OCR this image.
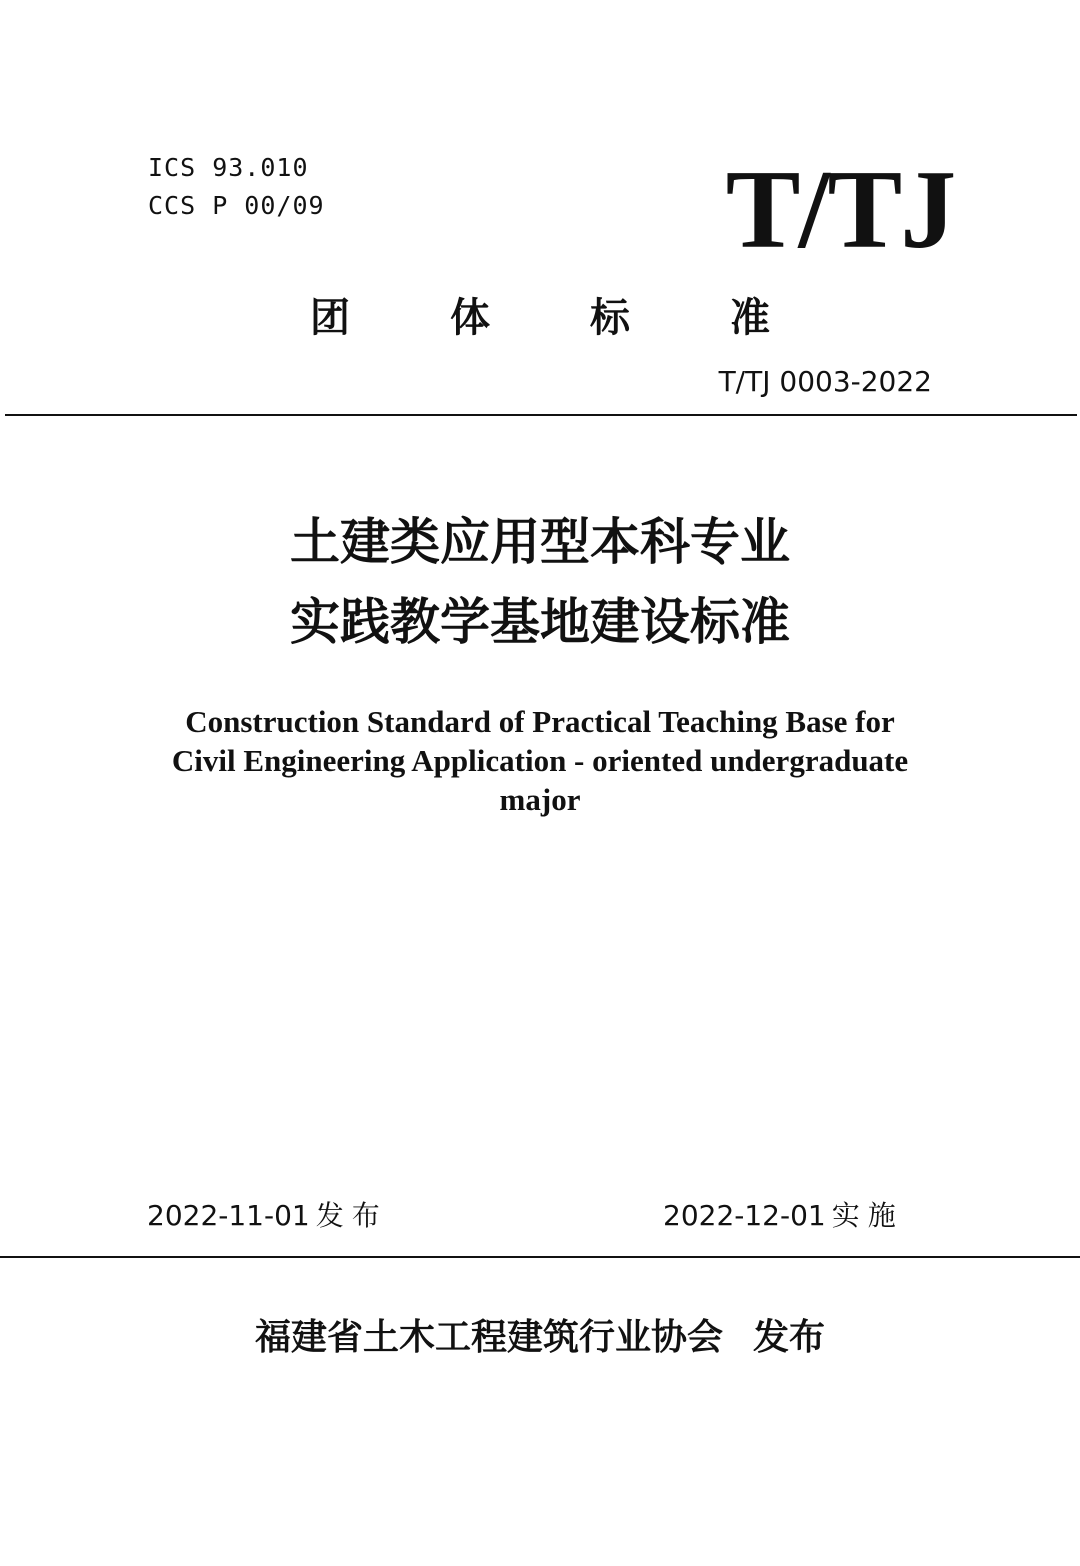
ICS 93.010
CCS P 00/09	T/TJ
团	体	标	准
T/TJ 0003-2022
土建类应用型本科专业
实践教学基地建设标准
Construction Standard of Practical Teaching Base for
Civil Engineering Application - oriented undergraduate
major
2022-11-01 发布	2022-12-01 实施
福建省土木工程建筑行业协会 发布
